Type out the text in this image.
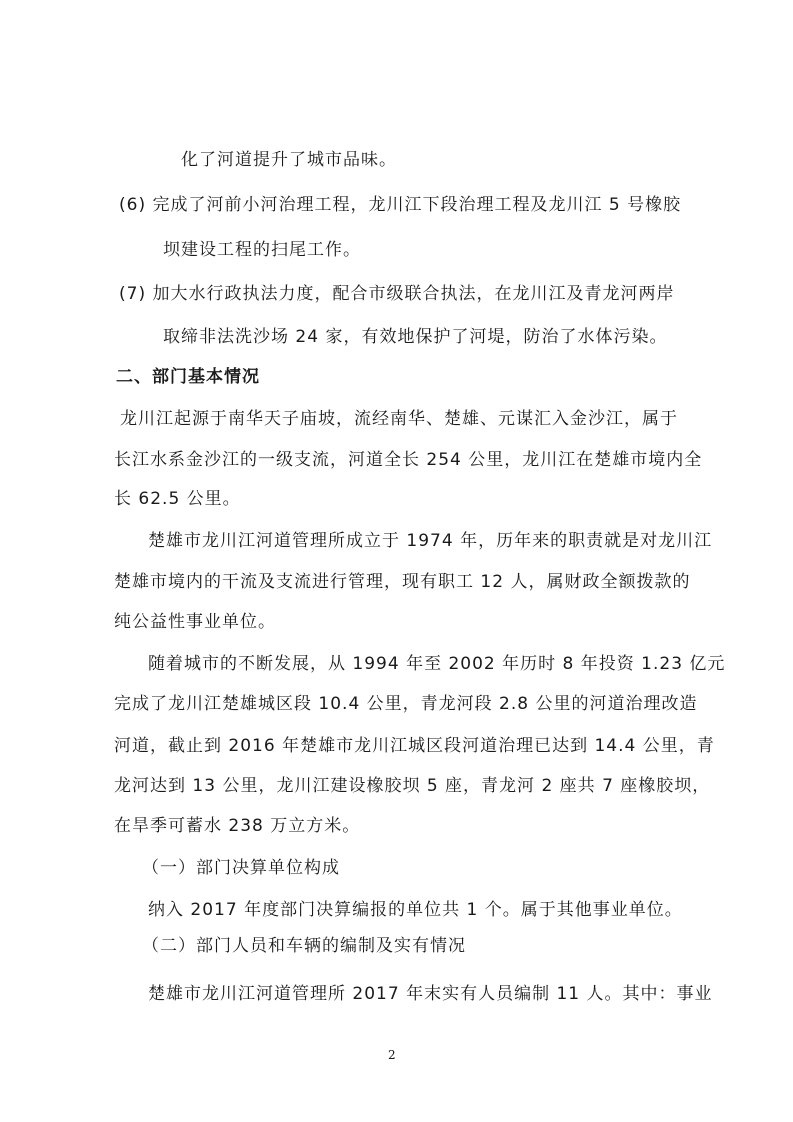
化了河道提升了城市品味。
(6) 完成了河前小河治理工程，龙川江下段治理工程及龙川江 5 号橡胶
坝建设工程的扫尾工作。
(7) 加大水行政执法力度，配合市级联合执法，在龙川江及青龙河两岸
取缔非法洗沙场 24 家，有效地保护了河堤，防治了水体污染。
二、部门基本情况
龙川江起源于南华天子庙坡，流经南华、楚雄、元谋汇入金沙江，属于
长江水系金沙江的一级支流，河道全长 254 公里，龙川江在楚雄市境内全
长 62.5 公里。
楚雄市龙川江河道管理所成立于 1974 年，历年来的职责就是对龙川江
楚雄市境内的干流及支流进行管理，现有职工 12 人，属财政全额拨款的
纯公益性事业单位。
随着城市的不断发展，从 1994 年至 2002 年历时 8 年投资 1.23 亿元
完成了龙川江楚雄城区段 10.4 公里，青龙河段 2.8 公里的河道治理改造
河道，截止到 2016 年楚雄市龙川江城区段河道治理已达到 14.4 公里，青
龙河达到 13 公里，龙川江建设橡胶坝 5 座，青龙河 2 座共 7 座橡胶坝，
在旱季可蓄水 238 万立方米。
（一）部门决算单位构成
纳入 2017 年度部门决算编报的单位共 1 个。属于其他事业单位。
（二）部门人员和车辆的编制及实有情况
楚雄市龙川江河道管理所 2017 年末实有人员编制 11 人。其中：事业
2
